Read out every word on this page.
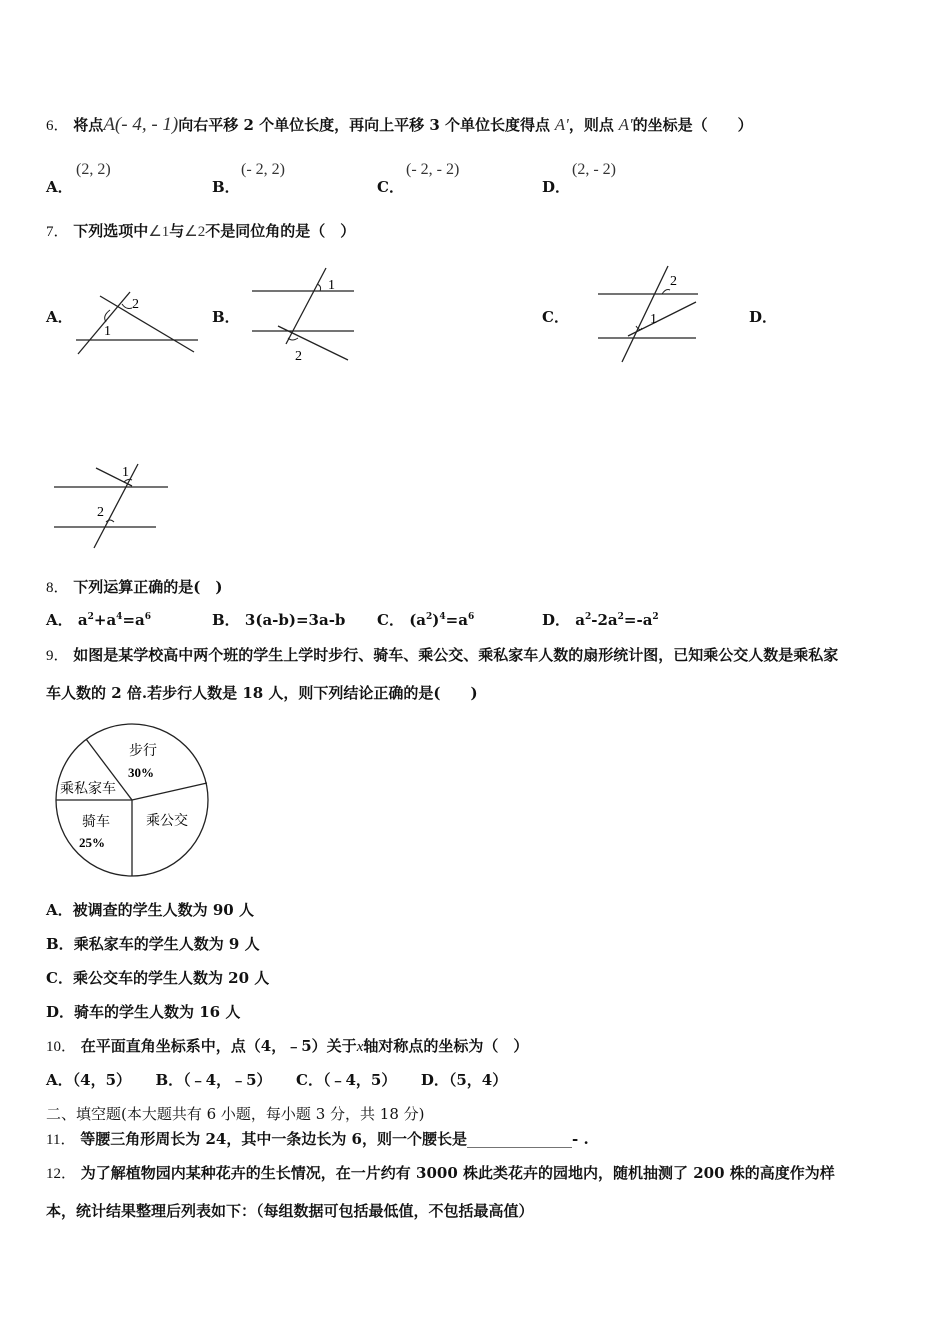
6． 将点A(- 4, - 1)向右平移 2 个单位长度，再向上平移 3 个单位长度得点 A'，则点 A'的坐标是（　　）
A．
(2, 2)
B．
(- 2, 2)
C．
(- 2, - 2)
D．
(2, - 2)
7． 下列选项中∠1与∠2不是同位角的是（　）
A．	B．	C．	D．
1
2
1
2
2
1
1
2
8． 下列运算正确的是(　)
A． $a^2+a^4=a^6$	B． 3(a-b)=3a-b C． $(a^2)^4=a^6$	D． $a^2-2a^2=-a^2$
9． 如图是某学校高中两个班的学生上学时步行、骑车、乘公交、乘私家车人数的扇形统计图，已知乘公交人数是乘私家
车人数的 2 倍.若步行人数是 18 人，则下列结论正确的是(　　)
步行
30%
乘私家车
骑车
25%
乘公交
A．被调查的学生人数为 90 人
B．乘私家车的学生人数为 9 人
C．乘公交车的学生人数为 20 人
D．骑车的学生人数为 16 人
10． 在平面直角坐标系中，点（4，﹣5）关于x轴对称点的坐标为（　）
A．（4，5） B．（﹣4，﹣5） C．（﹣4，5） D．（5，4）
二、填空题(本大题共有 6 小题，每小题 3 分，共 18 分)
11． 等腰三角形周长为 24，其中一条边长为 6，则一个腰长是______________- .
12． 为了解植物园内某种花卉的生长情况，在一片约有 3000 株此类花卉的园地内，随机抽测了 200 株的高度作为样
本，统计结果整理后列表如下：（每组数据可包括最低值，不包括最高值）
